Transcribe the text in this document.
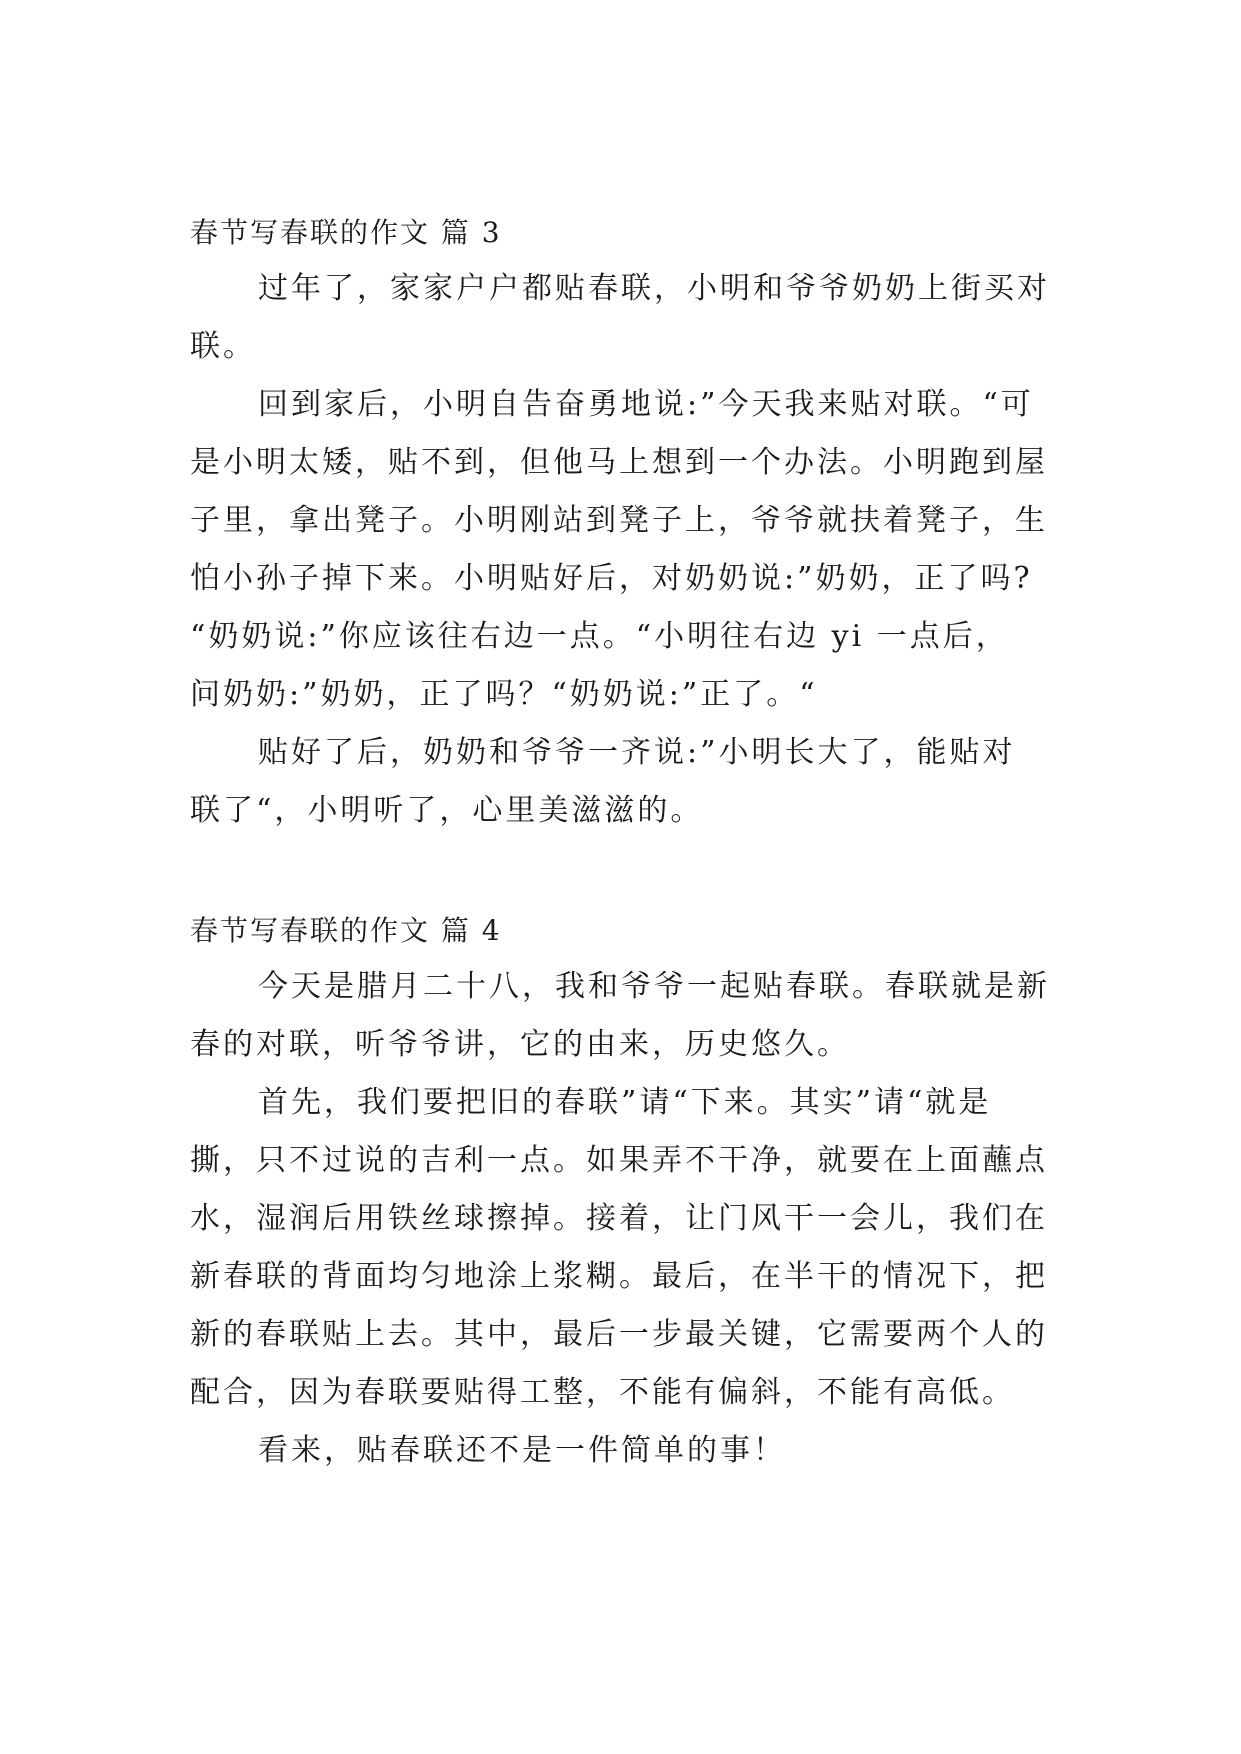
春节写春联的作文 篇 3
过年了，家家户户都贴春联，小明和爷爷奶奶上街买对
联。
回到家后，小明自告奋勇地说:”今天我来贴对联。“可
是小明太矮，贴不到，但他马上想到一个办法。小明跑到屋
子里，拿出凳子。小明刚站到凳子上，爷爷就扶着凳子，生
怕小孙子掉下来。小明贴好后，对奶奶说:”奶奶，正了吗?
“奶奶说:”你应该往右边一点。“小明往右边 yi 一点后，
问奶奶:”奶奶，正了吗？“奶奶说:”正了。“
贴好了后，奶奶和爷爷一齐说:”小明长大了，能贴对
联了“，小明听了，心里美滋滋的。
春节写春联的作文 篇 4
今天是腊月二十八，我和爷爷一起贴春联。春联就是新
春的对联，听爷爷讲，它的由来，历史悠久。
首先，我们要把旧的春联”请“下来。其实”请“就是
撕，只不过说的吉利一点。如果弄不干净，就要在上面蘸点
水，湿润后用铁丝球擦掉。接着，让门风干一会儿，我们在
新春联的背面均匀地涂上浆糊。最后，在半干的情况下，把
新的春联贴上去。其中，最后一步最关键，它需要两个人的
配合，因为春联要贴得工整，不能有偏斜，不能有高低。
看来，贴春联还不是一件简单的事！
